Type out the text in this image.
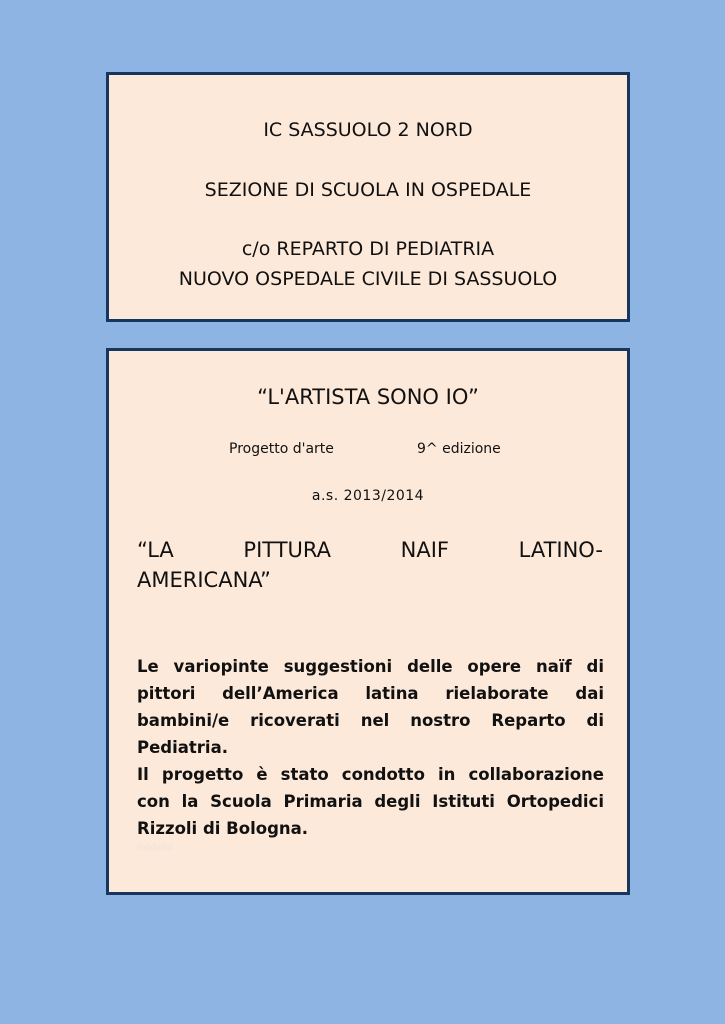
IC SASSUOLO 2 NORD
SEZIONE DI SCUOLA IN OSPEDALE
c/o REPARTO DI PEDIATRIA
NUOVO OSPEDALE CIVILE DI SASSUOLO
“L'ARTISTA SONO IO”
Progetto d'arte	9^ edizione
a.s. 2013/2014
“LA PITTURA NAIF LATINO-
AMERICANA”
Le variopinte suggestioni delle opere naïf di
pittori dell’America latina rielaborate dai
bambini/e ricoverati nel nostro Reparto di
Pediatria.
Il progetto è stato condotto in collaborazione
con la Scuola Primaria degli Istituti Ortopedici
Rizzoli di Bologna.
ridabolai
